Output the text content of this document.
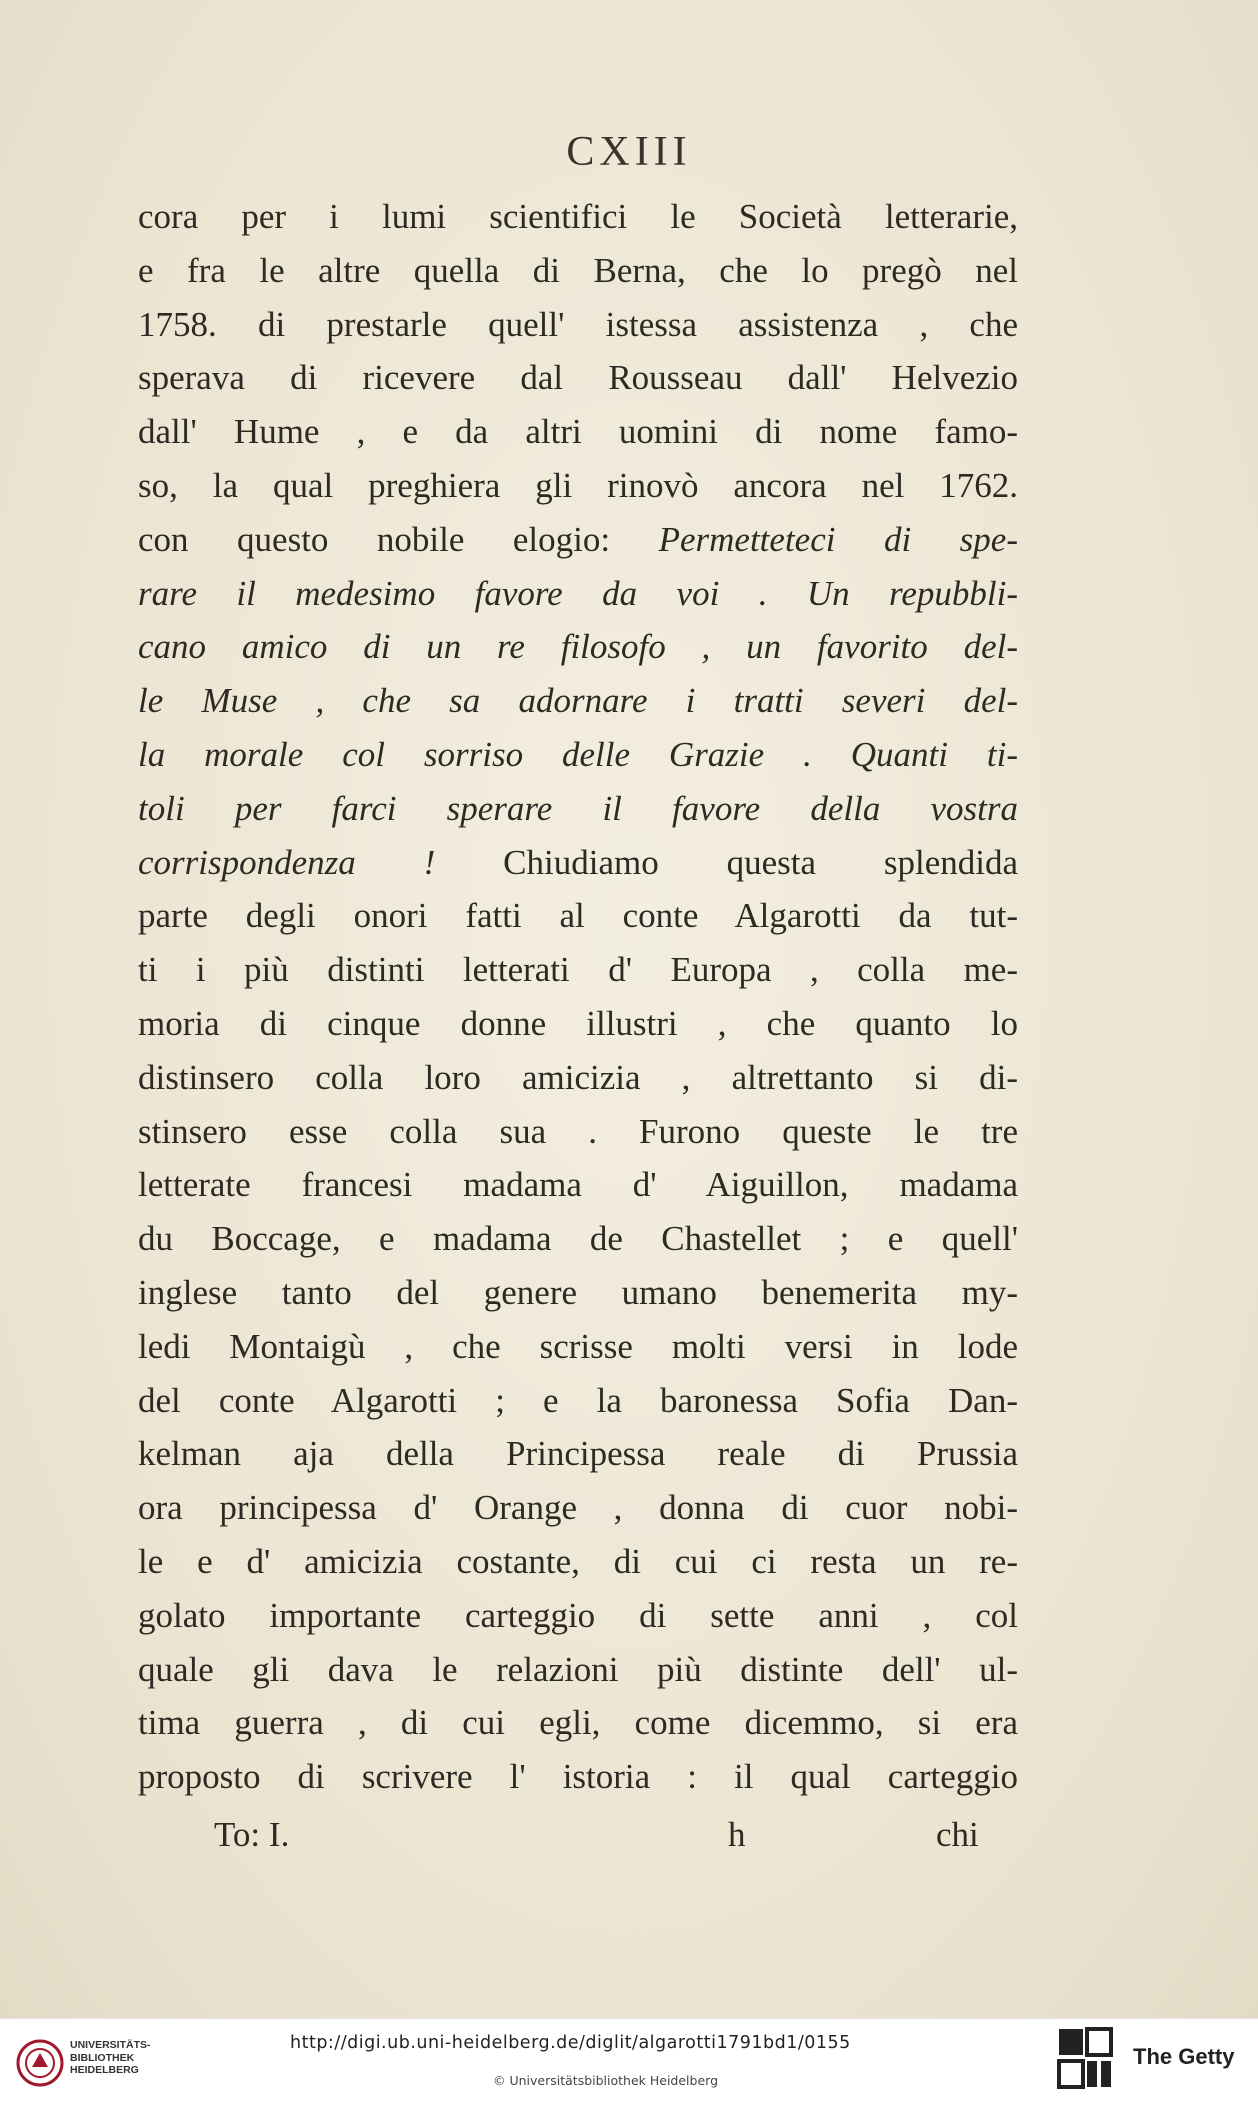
CXIII
cora per i lumi scientifici le Società letterarie,
e fra le altre quella di Berna, che lo pregò nel
1758. di prestarle quell' istessa assistenza , che
sperava di ricevere dal Rousseau dall' Helvezio
dall' Hume , e da altri uomini di nome famo-
so, la qual preghiera gli rinovò ancora nel 1762.
con questo nobile elogio: Permetteteci di spe-
rare il medesimo favore da voi . Un repubbli-
cano amico di un re filosofo , un favorito del-
le Muse , che sa adornare i tratti severi del-
la morale col sorriso delle Grazie . Quanti ti-
toli per farci sperare il favore della vostra
corrispondenza ! Chiudiamo questa splendida
parte degli onori fatti al conte Algarotti da tut-
ti i più distinti letterati d' Europa , colla me-
moria di cinque donne illustri , che quanto lo
distinsero colla loro amicizia , altrettanto si di-
stinsero esse colla sua . Furono queste le tre
letterate francesi madama d' Aiguillon, madama
du Boccage, e madama de Chastellet ; e quell'
inglese tanto del genere umano benemerita my-
ledi Montaigù , che scrisse molti versi in lode
del conte Algarotti ; e la baronessa Sofia Dan-
kelman aja della Principessa reale di Prussia
ora principessa d' Orange , donna di cuor nobi-
le e d' amicizia costante, di cui ci resta un re-
golato importante carteggio di sette anni , col
quale gli dava le relazioni più distinte dell' ul-
tima guerra , di cui egli, come dicemmo, si era
proposto di scrivere l' istoria : il qual carteggio
To: I.	h	chi
UNIVERSITÄTS-
BIBLIOTHEK
HEIDELBERG
http://digi.ub.uni-heidelberg.de/diglit/algarotti1791bd1/0155
© Universitätsbibliothek Heidelberg
The Getty
